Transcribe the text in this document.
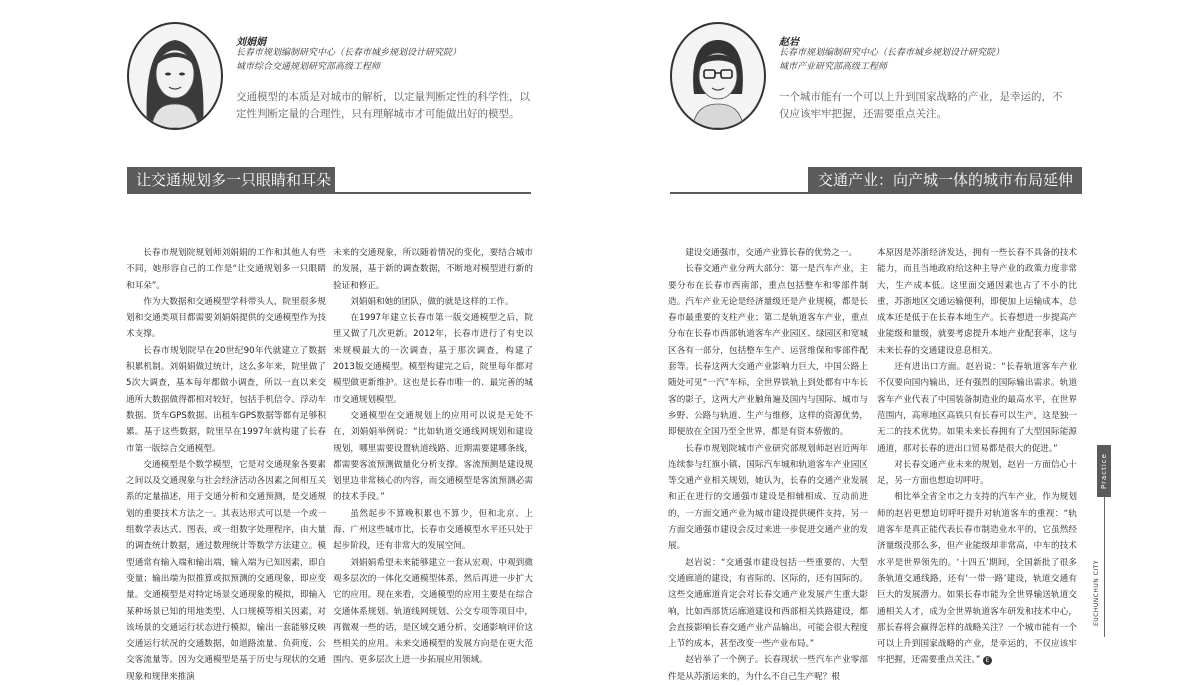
刘娟娟
长春市规划编制研究中心（长春市城乡规划设计研究院）
城市综合交通规划研究部高级工程师
交通模型的本质是对城市的解析，以定量判断定性的科学性，以定性判断定量的合理性，只有理解城市才可能做出好的模型。
让交通规划多一只眼睛和耳朵
赵岩
长春市规划编制研究中心（长春市城乡规划设计研究院）
城市产业研究部高级工程师
一个城市能有一个可以上升到国家战略的产业，是幸运的，不仅应该牢牢把握，还需要重点关注。
交通产业：向产城一体的城市布局延伸

长春市规划院规划师刘娟娟的工作和其他人有些不同，她形容自己的工作是“让交通规划多一只眼睛和耳朵”。

作为大数据和交通模型学科带头人，院里很多规划和交通类项目都需要刘娟娟提供的交通模型作为技术支撑。

长春市规划院早在20世纪90年代就建立了数据积累机制。刘娟娟做过统计，这么多年来，院里做了5次大调查，基本每年都做小调查，所以一直以来交通所大数据做得都相对较好，包括手机信令、浮动车数据、货车GPS数据、出租车GPS数据等都有足够积累。基于这些数据，院里早在1997年就构建了长春市第一版综合交通模型。

交通模型是个数学模型，它是对交通现象各要素之间以及交通现象与社会经济活动各因素之间相互关系的定量描述，用于交通分析和交通预测，是交通规划的重要技术方法之一。其表达形式可以是一个或一组数学表达式、图表，或一组数字处理程序，由大量的调查统计数据，通过数理统计等数学方法建立。模型通常有输入端和输出端，输入端为已知因素，即自变量；输出端为拟推算或拟预测的交通现象，即应变量。交通模型是对特定场景交通现象的模拟，即输入某种场景已知的用地类型、人口规模等相关因素，对该场景的交通运行状态进行模拟，输出一套能够反映交通运行状况的交通数据，如道路流量、负荷度、公交客流量等。因为交通模型是基于历史与现状的交通现象和规律来推演

未来的交通现象，所以随着情况的变化，要结合城市的发展，基于新的调查数据，不断地对模型进行新的验证和修正。

刘娟娟和她的团队，做的就是这样的工作。

在1997年建立长春市第一版交通模型之后，院里又做了几次更新。2012年，长春市进行了有史以来规模最大的一次调查，基于那次调查，构建了2013版交通模型。模型构建完之后，院里每年都对模型做更新维护。这也是长春市唯一的、最完善的城市交通规划模型。

交通模型在交通规划上的应用可以说是无处不在，刘娟娟举例说：“比如轨道交通线网规划和建设规划，哪里需要设置轨道线路、近期需要建哪条线，都需要客流预测做量化分析支撑。客流预测是建设规划里边非常核心的内容，而交通模型是客流预测必需的技术手段。”

虽然起步不算晚积累也不算少，但和北京、上海、广州这些城市比，长春市交通模型水平还只处于起步阶段，还有非常大的发展空间。

刘娟娟希望未来能够建立一套从宏观、中观到微观多层次的一体化交通模型体系，然后再进一步扩大它的应用。现在来看，交通模型的应用主要是在综合交通体系规划、轨道线网规划、公交专项等项目中，再微观一些的话，是区域交通分析、交通影响评价这些相关的应用。未来交通模型的发展方向是在更大范围内、更多层次上进一步拓展应用领域。

建设交通强市，交通产业算长春的优势之一。

长春交通产业分两大部分：第一是汽车产业，主要分布在长春市西南部，重点包括整车和零部件制造。汽车产业无论是经济量级还是产业规模，都是长春市最重要的支柱产业；第二是轨道客车产业，重点分布在长春市西部轨道客车产业园区、绿园区和宽城区各有一部分，包括整车生产、运营维保和零部件配套等。长春这两大交通产业影响力巨大，中国公路上随处可见“一汽”车标，全世界铁轨上到处都有中车长客的影子，这两大产业触角遍及国内与国际、城市与乡野、公路与轨道、生产与维修，这样的资源优势，即便放在全国乃至全世界，都是有资本骄傲的。

长春市规划院城市产业研究部规划师赵岩近两年连续参与红旗小镇、国际汽车城和轨道客车产业园区等交通产业相关规划，她认为，长春的交通产业发展和正在进行的交通强市建设是相辅相成、互动前进的，一方面交通产业为城市建设提供硬件支持，另一方面交通强市建设会反过来进一步促进交通产业的发展。

赵岩说：“交通强市建设包括一些重要的、大型交通廊道的建设，有省际的、区际的，还有国际的。这些交通廊道肯定会对长春交通产业发展产生重大影响，比如西部货运廊道建设和西部相关铁路建设，都会直接影响长春交通产业产品输出，可能会很大程度上节约成本，甚至改变一些产业布局。”

赵岩举了一个例子。长春现状一些汽车产业零部件是从苏浙运来的，为什么不自己生产呢？根

本原因是苏浙经济发达，拥有一些长春不具备的技术能力，而且当地政府给这种主导产业的政策力度非常大，生产成本低。这里面交通因素也占了不小的比重，苏浙地区交通运输便利，即便加上运输成本，总成本还是低于在长春本地生产。长春想进一步提高产业能级和量级，就要考虑提升本地产业配套率，这与未来长春的交通建设息息相关。

还有进出口方面。赵岩说：“长春轨道客车产业不仅要向国内输出，还有强烈的国际输出需求。轨道客车产业代表了中国装备制造业的最高水平，在世界范围内，高寒地区高铁只有长春可以生产，这是独一无二的技术优势。如果未来长春拥有了大型国际能源通道，那对长春的进出口贸易都是很大的促进。”

对长春交通产业未来的规划，赵岩一方面信心十足，另一方面也想迫切呼吁。

相比举全省全市之力支持的汽车产业，作为规划师的赵岩更想迫切呼吁提升对轨道客车的重视：“轨道客车是真正能代表长春市制造业水平的，它虽然经济量级没那么多，但产业能级却非常高，中车的技术水平是世界领先的。‘十四五’期间，全国新批了很多条轨道交通线路，还有‘一带一路’建设，轨道交通有巨大的发展潜力。如果长春市能为全世界输送轨道交通相关人才，成为全世界轨道客车研发和技术中心，那长春将会赢得怎样的战略关注？一个城市能有一个可以上升到国家战略的产业，是幸运的，不仅应该牢牢把握，还需要重点关注。” E

Practice
EUCHUNCHUN CITY
